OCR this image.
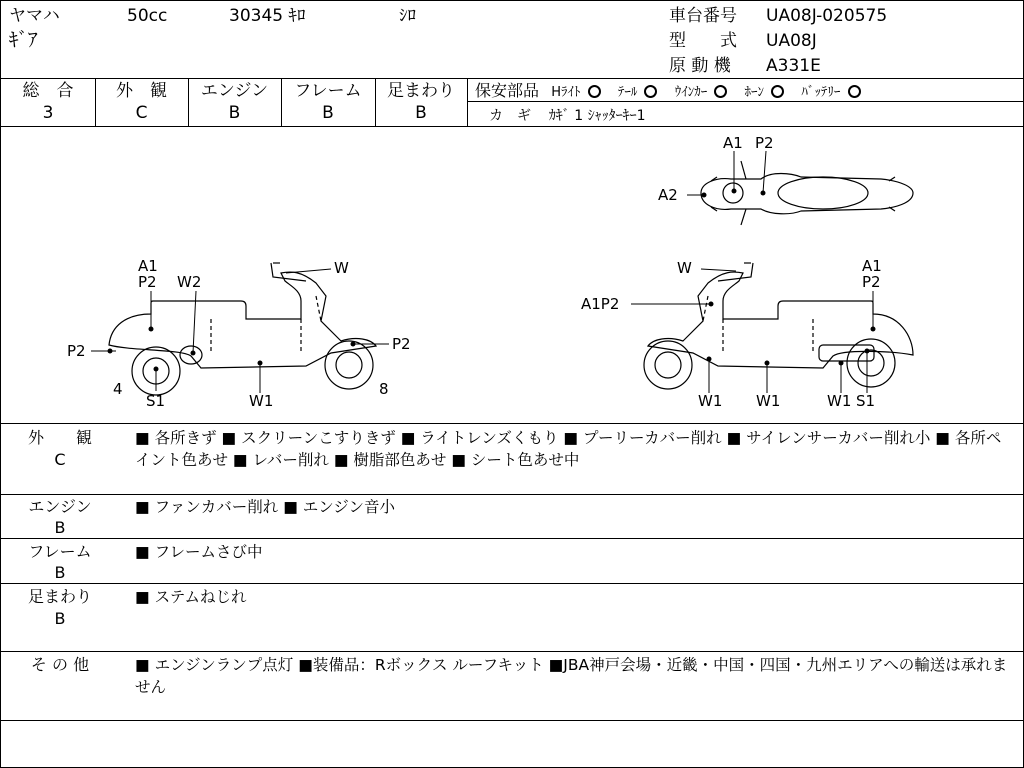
ヤマハ	50cc	30345 ｷﾛ	ｼﾛ
ｷﾞｱ
車台番号 UA08J-020575
型　　式 UA08J
原 動 機 A331E
総　合
3
外　観
C
エンジン
B
フレーム
B
足まわり
B
保安部品 Hﾗｲﾄ	ﾃｰﾙ	ｳｲﾝｶｰ	ﾎｰﾝ	ﾊﾞｯﾃﾘｰ
カ　ギ ｶｷﾞ 1 ｼｬｯﾀｰｷｰ1
A1
P2 W2
W
P2	P2
4
S1	W1
8
W	A1
P2
A1P2
W1 W1	W1 S1
A1 P2
A2
外　　観
C
■ 各所きず ■ スクリーンこすりきず ■ ライトレンズくもり ■ プーリーカバー削れ ■ サイレンサーカバー削れ小 ■ 各所ペイント色あせ ■ レバー削れ ■ 樹脂部色あせ ■ シート色あせ中
エンジン
B
■ ファンカバー削れ ■ エンジン音小
フレーム
B
■ フレームさび中
足まわり
B
■ ステムねじれ
そ の 他	■ エンジンランプ点灯 ■装備品：Rボックス ルーフキット ■JBA神戸会場・近畿・中国・四国・九州エリアへの輸送は承れません
